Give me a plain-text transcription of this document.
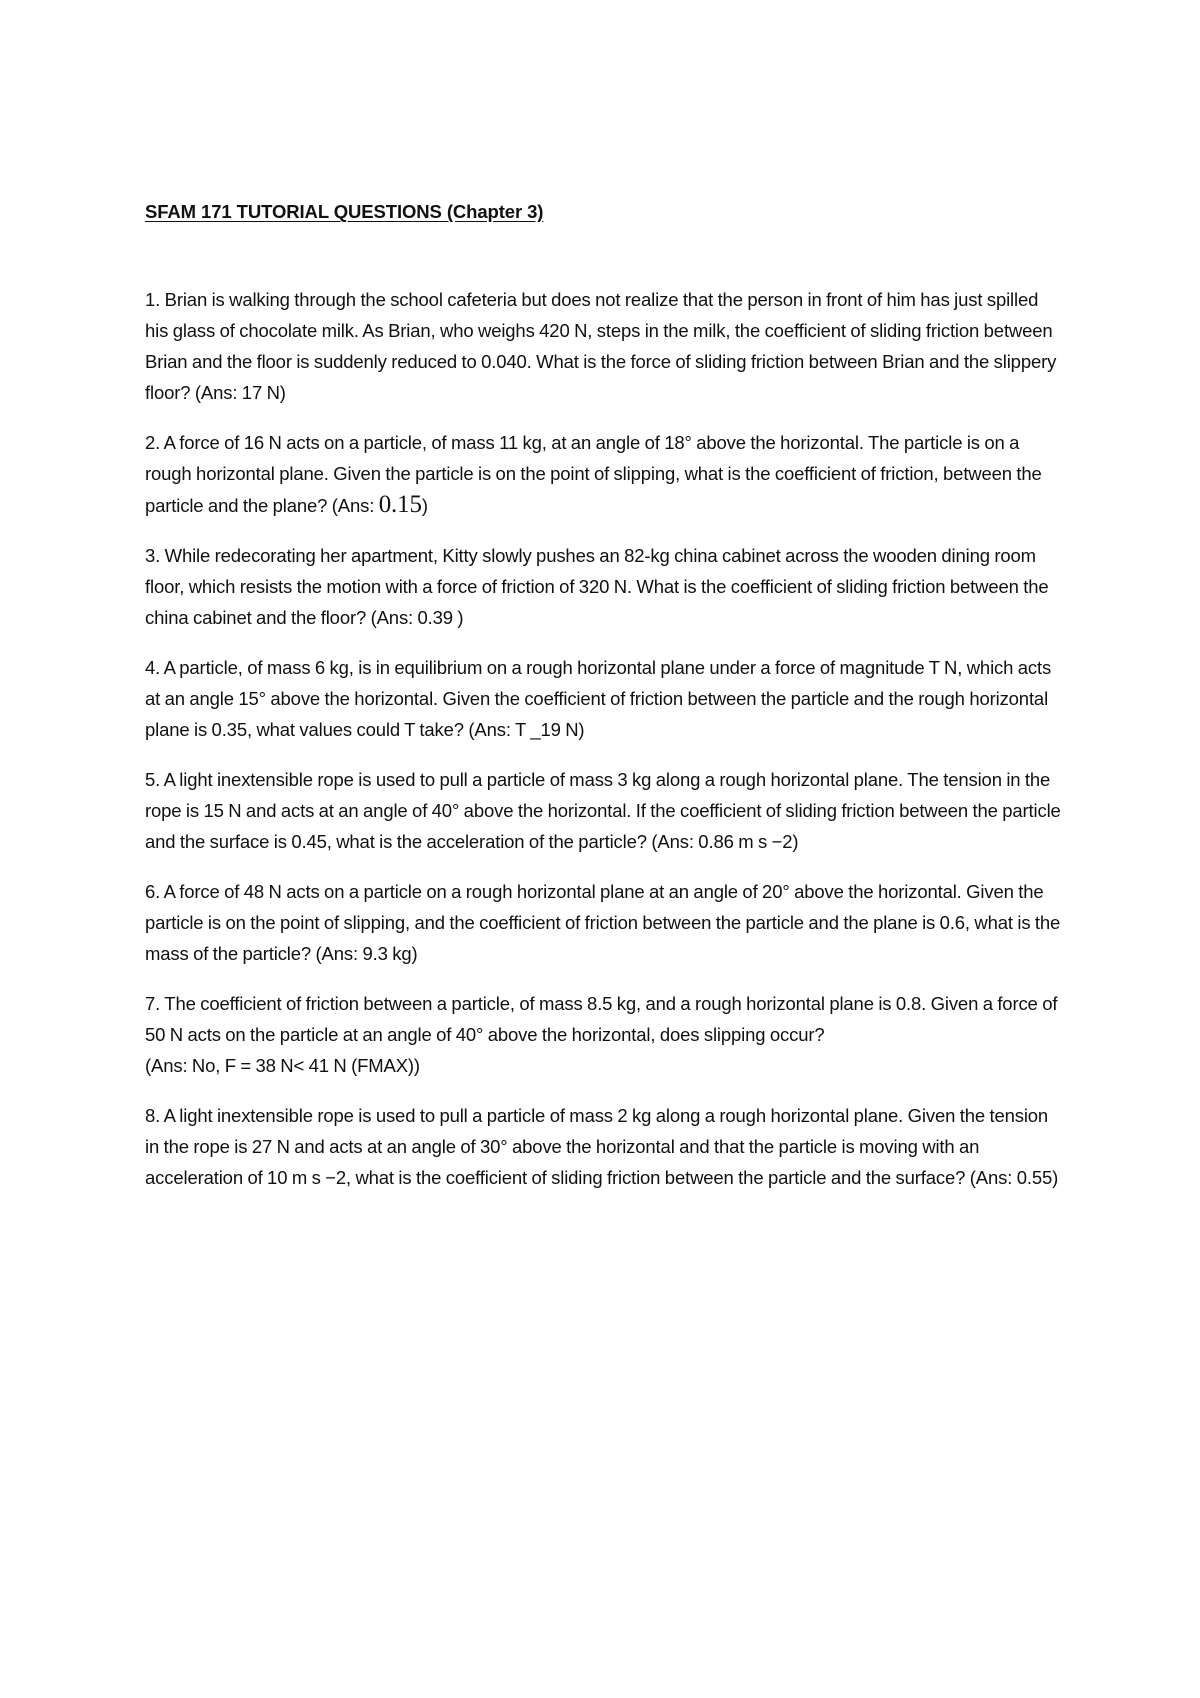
SFAM 171 TUTORIAL QUESTIONS (Chapter 3)

1. Brian is walking through the school cafeteria but does not realize that the person in front of him has just spilled his glass of chocolate milk. As Brian, who weighs 420 N, steps in the milk, the coefficient of sliding friction between Brian and the floor is suddenly reduced to 0.040. What is the force of sliding friction between Brian and the slippery floor? (Ans: 17 N)

2. A force of 16 N acts on a particle, of mass 11 kg, at an angle of 18° above the horizontal. The particle is on a rough horizontal plane. Given the particle is on the point of slipping, what is the coefficient of friction, between the particle and the plane? (Ans: 0.15)

3. While redecorating her apartment, Kitty slowly pushes an 82-kg china cabinet across the wooden dining room floor, which resists the motion with a force of friction of 320 N. What is the coefficient of sliding friction between the china cabinet and the floor? (Ans: 0.39 )

4. A particle, of mass 6 kg, is in equilibrium on a rough horizontal plane under a force of magnitude T N, which acts at an angle 15° above the horizontal. Given the coefficient of friction between the particle and the rough horizontal plane is 0.35, what values could T take? (Ans: T _19 N)

5. A light inextensible rope is used to pull a particle of mass 3 kg along a rough horizontal plane. The tension in the rope is 15 N and acts at an angle of 40° above the horizontal. If the coefficient of sliding friction between the particle and the surface is 0.45, what is the acceleration of the particle? (Ans: 0.86 m s −2)

6. A force of 48 N acts on a particle on a rough horizontal plane at an angle of 20° above the horizontal. Given the particle is on the point of slipping, and the coefficient of friction between the particle and the plane is 0.6, what is the mass of the particle? (Ans: 9.3 kg)

7. The coefficient of friction between a particle, of mass 8.5 kg, and a rough horizontal plane is 0.8. Given a force of 50 N acts on the particle at an angle of 40° above the horizontal, does slipping occur? (Ans: No, F = 38 N< 41 N (FMAX))

8. A light inextensible rope is used to pull a particle of mass 2 kg along a rough horizontal plane. Given the tension in the rope is 27 N and acts at an angle of 30° above the horizontal and that the particle is moving with an acceleration of 10 m s −2, what is the coefficient of sliding friction between the particle and the surface? (Ans: 0.55)
